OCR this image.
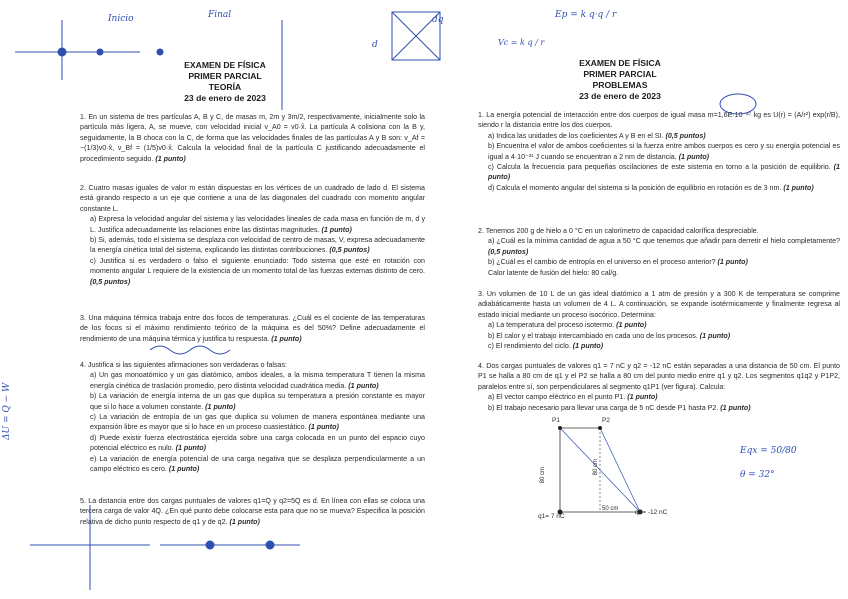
EXAMEN DE FÍSICA
PRIMER PARCIAL
TEORÍA
23 de enero de 2023

1. En un sistema de tres partículas A, B y C, de masas m, 2m y 3m/2, respectivamente, inicialmente solo la partícula más ligera, A, se mueve, con velocidad inicial v_A0 = v0·x̂. La partícula A colisiona con la B y, seguidamente, la B choca con la C, de forma que las velocidades finales de las partículas A y B son: v_Af = −(1/3)v0·x̂, v_Bf = (1/5)v0·x̂. Calcula la velocidad final de la partícula C justificando adecuadamente el procedimiento seguido. (1 punto)

2. Cuatro masas iguales de valor m están dispuestas en los vértices de un cuadrado de lado d. El sistema está girando respecto a un eje que contiene a una de las diagonales del cuadrado con momento angular constante L.

a) Expresa la velocidad angular del sistema y las velocidades lineales de cada masa en función de m, d y L. Justifica adecuadamente las relaciones entre las distintas magnitudes. (1 punto)

b) Si, además, todo el sistema se desplaza con velocidad de centro de masas, V, expresa adecuadamente la energía cinética total del sistema, explicando las distintas contribuciones. (0,5 puntos)

c) Justifica si es verdadero o falso el siguiente enunciado: Todo sistema que esté en rotación con momento angular L requiere de la existencia de un momento total de las fuerzas externas distinto de cero. (0,5 puntos)

3. Una máquina térmica trabaja entre dos focos de temperaturas. ¿Cuál es el cociente de las temperaturas de los focos si el máximo rendimiento teórico de la máquina es del 50%? Define adecuadamente el rendimiento de una máquina térmica y justifica tu respuesta. (1 punto)

4. Justifica si las siguientes afirmaciones son verdaderas o falsas:

a) Un gas monoatómico y un gas diatómico, ambos ideales, a la misma temperatura T tienen la misma energía cinética de traslación promedio, pero distinta velocidad cuadrática media. (1 punto)

b) La variación de energía interna de un gas que duplica su temperatura a presión constante es mayor que si lo hace a volumen constante. (1 punto)

c) La variación de entropía de un gas que duplica su volumen de manera espontánea mediante una expansión libre es mayor que si lo hace en un proceso cuasiestático. (1 punto)

d) Puede existir fuerza electrostática ejercida sobre una carga colocada en un punto del espacio cuyo potencial eléctrico es nulo. (1 punto)

e) La variación de energía potencial de una carga negativa que se desplaza perpendicularmente a un campo eléctrico es cero. (1 punto)

5. La distancia entre dos cargas puntuales de valores q1=Q y q2=5Q es d. En línea con ellas se coloca una tercera carga de valor 4Q. ¿En qué punto debe colocarse esta para que no se mueva? Especifica la posición relativa de dicho punto respecto de q1 y de q2. (1 punto)

EXAMEN DE FÍSICA
PRIMER PARCIAL
PROBLEMAS
23 de enero de 2023

1. La energía potencial de interacción entre dos cuerpos de igual masa m=1,6E·10⁻²⁷ kg es U(r) = (A/r²) exp(r/B), siendo r la distancia entre los dos cuerpos.

a) Indica las unidades de los coeficientes A y B en el SI. (0,5 puntos)

b) Encuentra el valor de ambos coeficientes si la fuerza entre ambos cuerpos es cero y su energía potencial es igual a 4·10⁻²¹ J cuando se encuentran a 2 nm de distancia. (1 punto)

c) Calcula la frecuencia para pequeñas oscilaciones de este sistema en torno a la posición de equilibrio. (1 punto)

d) Calcula el momento angular del sistema si la posición de equilibrio en rotación es de 3 nm. (1 punto)

2. Tenemos 200 g de hielo a 0 °C en un calorímetro de capacidad calorífica despreciable.

a) ¿Cuál es la mínima cantidad de agua a 50 °C que tenemos que añadir para derretir el hielo completamente? (0,5 puntos)

b) ¿Cuál es el cambio de entropía en el universo en el proceso anterior? (1 punto)

Calor latente de fusión del hielo: 80 cal/g.

3. Un volumen de 10 L de un gas ideal diatómico a 1 atm de presión y a 300 K de temperatura se comprime adiabáticamente hasta un volumen de 4 L. A continuación, se expande isotérmicamente y finalmente regresa al estado inicial mediante un proceso isocórico. Determina:

a) La temperatura del proceso isotermo. (1 punto)

b) El calor y el trabajo intercambiado en cada uno de los procesos. (1 punto)

c) El rendimiento del ciclo. (1 punto)

4. Dos cargas puntuales de valores q1 = 7 nC y q2 = -12 nC están separadas a una distancia de 50 cm. El punto P1 se halla a 80 cm de q1 y el P2 se halla a 80 cm del punto medio entre q1 y q2. Los segmentos q1q2 y P1P2, paralelos entre sí, son perpendiculares al segmento q1P1 (ver figura). Calcula:

a) El vector campo eléctrico en el punto P1. (1 punto)

b) El trabajo necesario para llevar una carga de 5 nC desde P1 hasta P2. (1 punto)

P1	P2
q1= 7 nC
q2= -12 nC
80 cm	80 cm
50 cm
Inicio	Final	Ep = k q·q / r
Vc = k q / r
dq
d
ΔU = Q − W
θ = 32°
Eqx = 50/80
